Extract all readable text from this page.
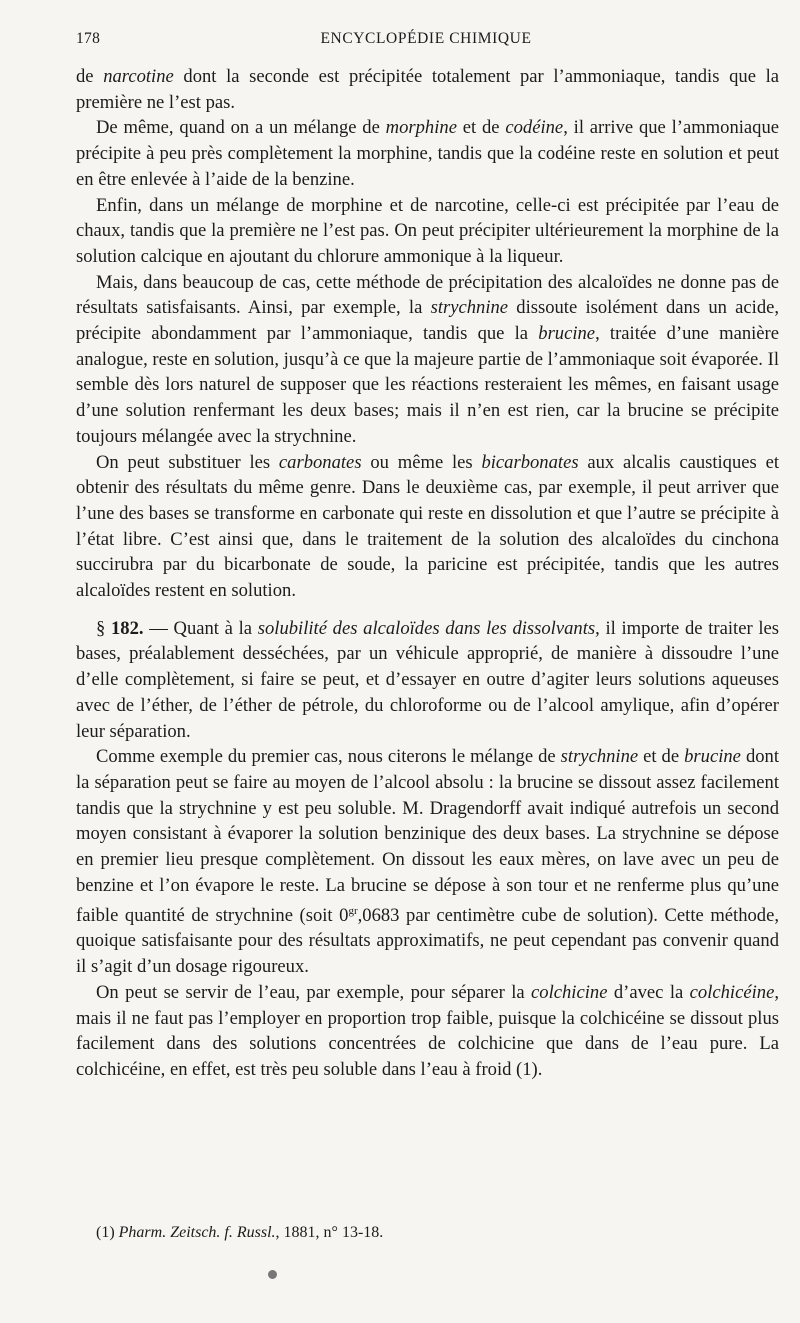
178	ENCYCLOPÉDIE CHIMIQUE

de narcotine dont la seconde est précipitée totalement par l’ammoniaque, tandis que la première ne l’est pas.

De même, quand on a un mélange de morphine et de codéine, il arrive que l’ammoniaque précipite à peu près complètement la morphine, tandis que la codéine reste en solution et peut en être enlevée à l’aide de la benzine.

Enfin, dans un mélange de morphine et de narcotine, celle-ci est précipitée par l’eau de chaux, tandis que la première ne l’est pas. On peut précipiter ultérieurement la morphine de la solution calcique en ajoutant du chlorure ammonique à la liqueur.

Mais, dans beaucoup de cas, cette méthode de précipitation des alcaloïdes ne donne pas de résultats satisfaisants. Ainsi, par exemple, la strychnine dissoute isolément dans un acide, précipite abondamment par l’ammoniaque, tandis que la brucine, traitée d’une manière analogue, reste en solution, jusqu’à ce que la majeure partie de l’ammoniaque soit évaporée. Il semble dès lors naturel de supposer que les réactions resteraient les mêmes, en faisant usage d’une solution renfermant les deux bases; mais il n’en est rien, car la brucine se précipite toujours mélangée avec la strychnine.

On peut substituer les carbonates ou même les bicarbonates aux alcalis caustiques et obtenir des résultats du même genre. Dans le deuxième cas, par exemple, il peut arriver que l’une des bases se transforme en carbonate qui reste en dissolution et que l’autre se précipite à l’état libre. C’est ainsi que, dans le traitement de la solution des alcaloïdes du cinchona succirubra par du bicarbonate de soude, la paricine est précipitée, tandis que les autres alcaloïdes restent en solution.

§ 182. — Quant à la solubilité des alcaloïdes dans les dissolvants, il importe de traiter les bases, préalablement desséchées, par un véhicule approprié, de manière à dissoudre l’une d’elle complètement, si faire se peut, et d’essayer en outre d’agiter leurs solutions aqueuses avec de l’éther, de l’éther de pétrole, du chloroforme ou de l’alcool amylique, afin d’opérer leur séparation.

Comme exemple du premier cas, nous citerons le mélange de strychnine et de brucine dont la séparation peut se faire au moyen de l’alcool absolu : la brucine se dissout assez facilement tandis que la strychnine y est peu soluble. M. Dragendorff avait indiqué autrefois un second moyen consistant à évaporer la solution benzinique des deux bases. La strychnine se dépose en premier lieu presque complètement. On dissout les eaux mères, on lave avec un peu de benzine et l’on évapore le reste. La brucine se dépose à son tour et ne renferme plus qu’une faible quantité de strychnine (soit $0^{gr},0683$ par centimètre cube de solution). Cette méthode, quoique satisfaisante pour des résultats approximatifs, ne peut cependant pas convenir quand il s’agit d’un dosage rigoureux.

On peut se servir de l’eau, par exemple, pour séparer la colchicine d’avec la colchicéine, mais il ne faut pas l’employer en proportion trop faible, puisque la colchicéine se dissout plus facilement dans des solutions concentrées de colchicine que dans de l’eau pure. La colchicéine, en effet, est très peu soluble dans l’eau à froid (1).

(1) Pharm. Zeitsch. f. Russl., 1881, n° 13-18.
